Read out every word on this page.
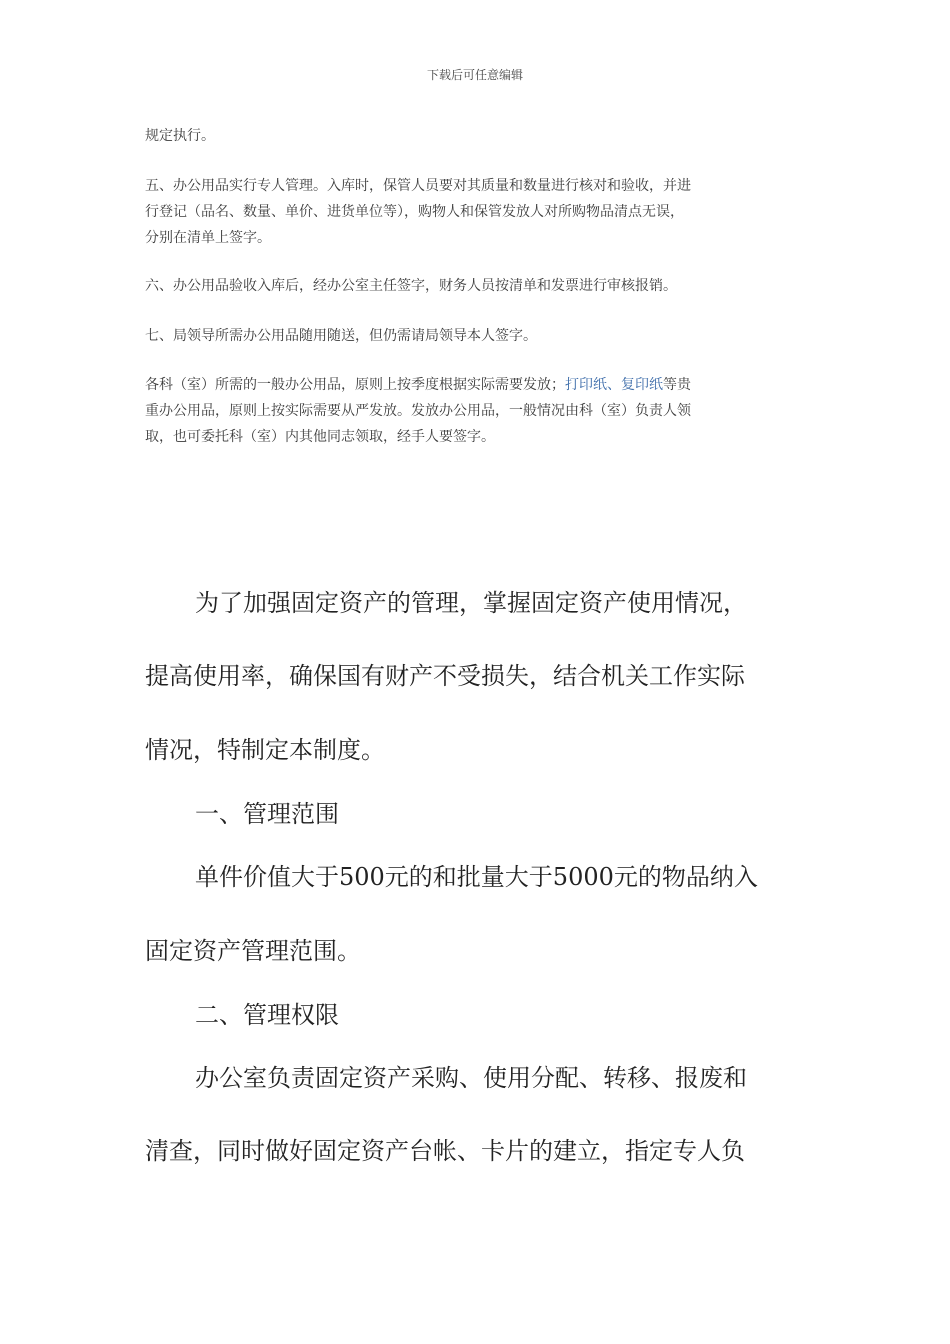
下载后可任意编辑

规定执行。

五、办公用品实行专人管理。入库时，保管人员要对其质量和数量进行核对和验收，并进

行登记（品名、数量、单价、进货单位等），购物人和保管发放人对所购物品清点无误，

分别在清单上签字。

六、办公用品验收入库后，经办公室主任签字，财务人员按清单和发票进行审核报销。

七、局领导所需办公用品随用随送，但仍需请局领导本人签字。

各科（室）所需的一般办公用品，原则上按季度根据实际需要发放；打印纸、复印纸等贵

重办公用品，原则上按实际需要从严发放。发放办公用品，一般情况由科（室）负责人领

取，也可委托科（室）内其他同志领取，经手人要签字。

为了加强固定资产的管理，掌握固定资产使用情况，

提高使用率，确保国有财产不受损失，结合机关工作实际

情况，特制定本制度。

一、管理范围

单件价值大于500元的和批量大于5000元的物品纳入

固定资产管理范围。

二、管理权限

办公室负责固定资产采购、使用分配、转移、报废和

清查，同时做好固定资产台帐、卡片的建立，指定专人负
